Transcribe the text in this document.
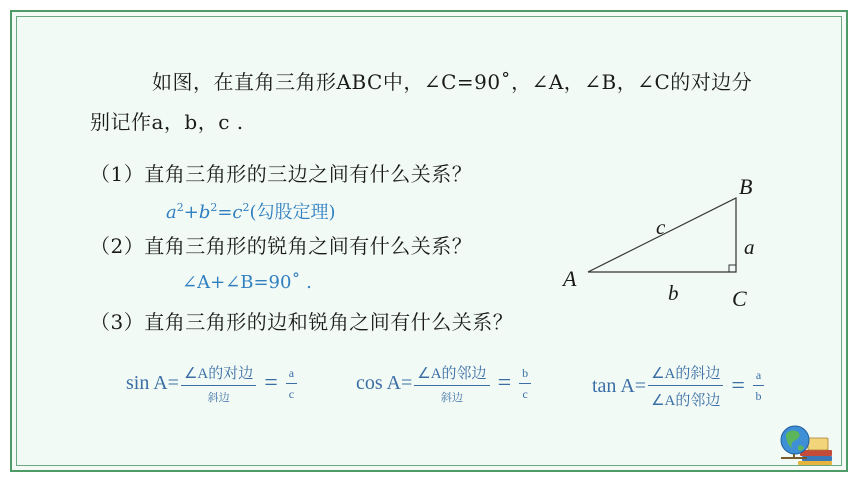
如图，在直角三角形ABC中，∠C=90˚，∠A，∠B，∠C的对边分
别记作a，b，c .
（1）直角三角形的三边之间有什么关系？
$a^2+b^2=c^2$(勾股定理)
（2）直角三角形的锐角之间有什么关系？
∠A+∠B=90˚ .
（3）直角三角形的边和锐角之间有什么关系？
A
B
C
a
b
c
$\sin A= \frac{\text{∠A的对边}}{\text{斜边}} = \frac{a}{c}$	$\cos A= \frac{\text{∠A的邻边}}{\text{斜边}} = \frac{b}{c}$	$\tan A= \frac{\text{∠A的斜边}}{\text{∠A的邻边}} = \frac{a}{b}$
